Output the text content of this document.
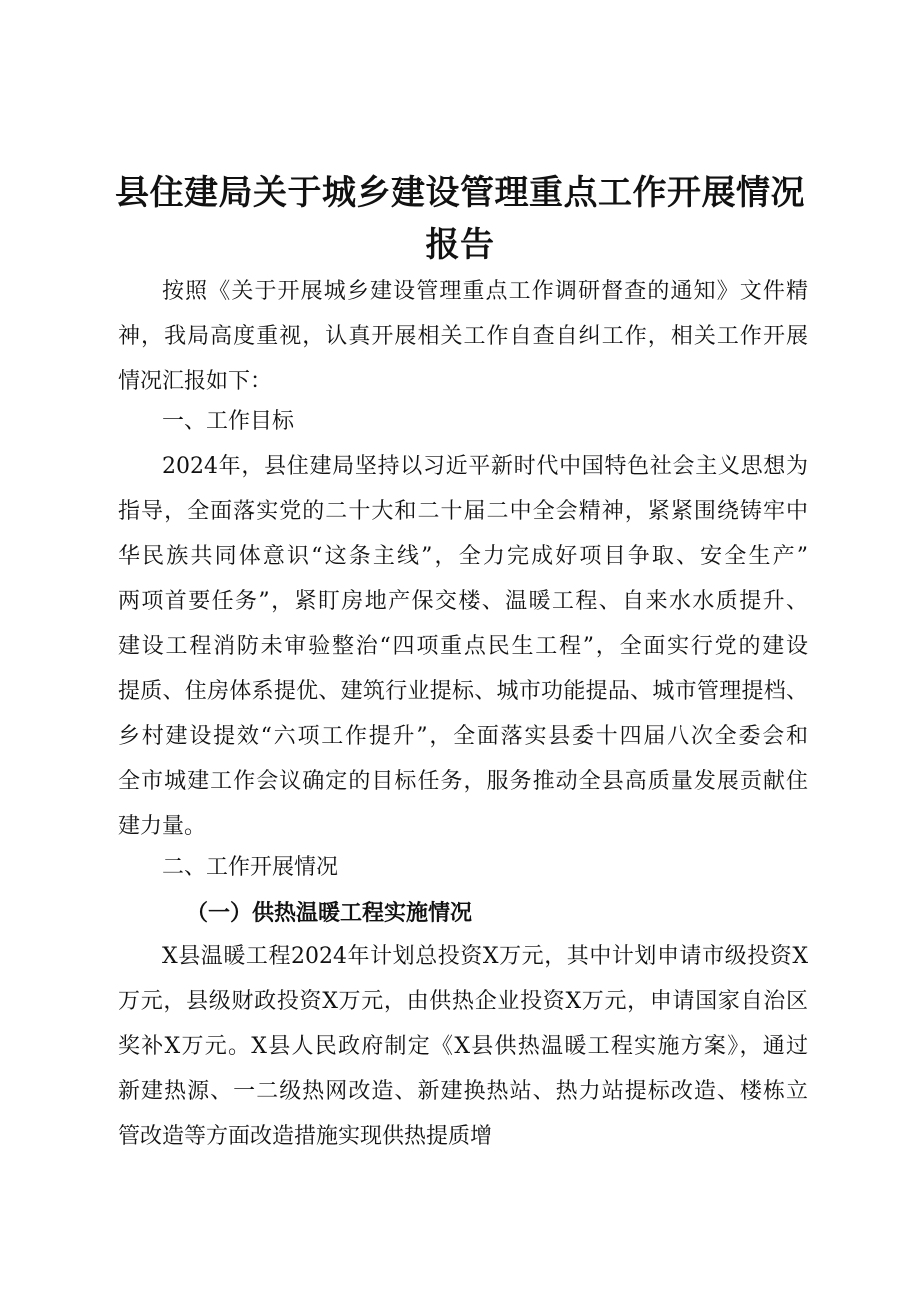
县住建局关于城乡建设管理重点工作开展情况
报告
按照《关于开展城乡建设管理重点工作调研督查的通知》文件精
神，我局高度重视，认真开展相关工作自查自纠工作，相关工作开展
情况汇报如下：
一、工作目标
2024年，县住建局坚持以习近平新时代中国特色社会主义思想为
指导，全面落实党的二十大和二十届二中全会精神，紧紧围绕铸牢中
华民族共同体意识“这条主线”，全力完成好项目争取、安全生产”
两项首要任务”，紧盯房地产保交楼、温暖工程、自来水水质提升、
建设工程消防未审验整治“四项重点民生工程”，全面实行党的建设
提质、住房体系提优、建筑行业提标、城市功能提品、城市管理提档、
乡村建设提效“六项工作提升”，全面落实县委十四届八次全委会和
全市城建工作会议确定的目标任务，服务推动全县高质量发展贡献住
建力量。
二、工作开展情况
（一）供热温暖工程实施情况
X县温暖工程2024年计划总投资X万元，其中计划申请市级投资X
万元，县级财政投资X万元，由供热企业投资X万元，申请国家自治区
奖补X万元。X县人民政府制定《X县供热温暖工程实施方案》，通过
新建热源、一二级热网改造、新建换热站、热力站提标改造、楼栋立
管改造等方面改造措施实现供热提质增
